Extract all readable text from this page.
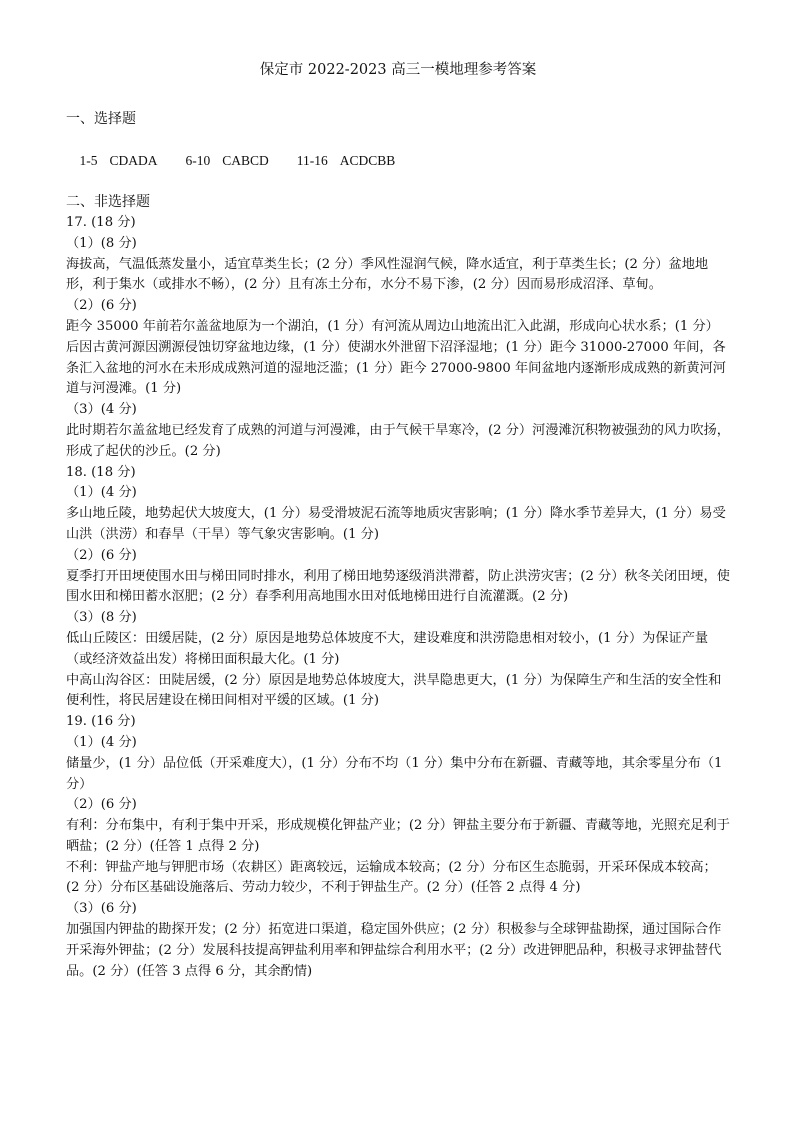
保定市 2022-2023 高三一模地理参考答案
一、选择题

1-5 CDADA 6-10 CABCD 11-16 ACDCBB

二、非选择题
17. (18 分)
（1）(8 分)
海拔高，气温低蒸发量小，适宜草类生长；(2 分）季风性湿润气候，降水适宜，利于草类生长；(2 分）盆地地形，利于集水（或排水不畅），(2 分）且有冻土分布，水分不易下渗，(2 分）因而易形成沼泽、草甸。
（2）(6 分)
距今 35000 年前若尔盖盆地原为一个湖泊，(1 分）有河流从周边山地流出汇入此湖，形成向心状水系；(1 分）后因古黄河源因溯源侵蚀切穿盆地边缘，(1 分）使湖水外泄留下沼泽湿地；(1 分）距今 31000-27000 年间，各条汇入盆地的河水在未形成成熟河道的湿地泛滥；(1 分）距今 27000-9800 年间盆地内逐渐形成成熟的新黄河河道与河漫滩。(1 分)
（3）(4 分)
此时期若尔盖盆地已经发育了成熟的河道与河漫滩，由于气候干旱寒冷，(2 分）河漫滩沉积物被强劲的风力吹扬，形成了起伏的沙丘。(2 分)
18. (18 分)
（1）(4 分)
多山地丘陵，地势起伏大坡度大，(1 分）易受滑坡泥石流等地质灾害影响；(1 分）降水季节差异大，(1 分）易受山洪（洪涝）和春旱（干旱）等气象灾害影响。(1 分)
（2）(6 分)
夏季打开田埂使围水田与梯田同时排水，利用了梯田地势逐级消洪滞蓄，防止洪涝灾害；(2 分）秋冬关闭田埂，使围水田和梯田蓄水沤肥；(2 分）春季利用高地围水田对低地梯田进行自流灌溉。(2 分)
（3）(8 分)
低山丘陵区：田缓居陡，(2 分）原因是地势总体坡度不大，建设难度和洪涝隐患相对较小，(1 分）为保证产量（或经济效益出发）将梯田面积最大化。(1 分)
中高山沟谷区：田陡居缓，(2 分）原因是地势总体坡度大，洪旱隐患更大，(1 分）为保障生产和生活的安全性和便利性，将民居建设在梯田间相对平缓的区域。(1 分)
19. (16 分)
（1）(4 分)
储量少，(1 分）品位低（开采难度大），(1 分）分布不均（1 分）集中分布在新疆、青藏等地，其余零星分布（1 分）
（2）(6 分)
有利：分布集中，有利于集中开采，形成规模化钾盐产业；(2 分）钾盐主要分布于新疆、青藏等地，光照充足利于晒盐；(2 分）(任答 1 点得 2 分)
不利：钾盐产地与钾肥市场（农耕区）距离较远，运输成本较高；(2 分）分布区生态脆弱，开采环保成本较高；(2 分）分布区基础设施落后、劳动力较少，不利于钾盐生产。(2 分）(任答 2 点得 4 分)
（3）(6 分)
加强国内钾盐的勘探开发；(2 分）拓宽进口渠道，稳定国外供应；(2 分）积极参与全球钾盐勘探，通过国际合作开采海外钾盐；(2 分）发展科技提高钾盐利用率和钾盐综合利用水平；(2 分）改进钾肥品种，积极寻求钾盐替代品。(2 分）(任答 3 点得 6 分，其余酌情)
